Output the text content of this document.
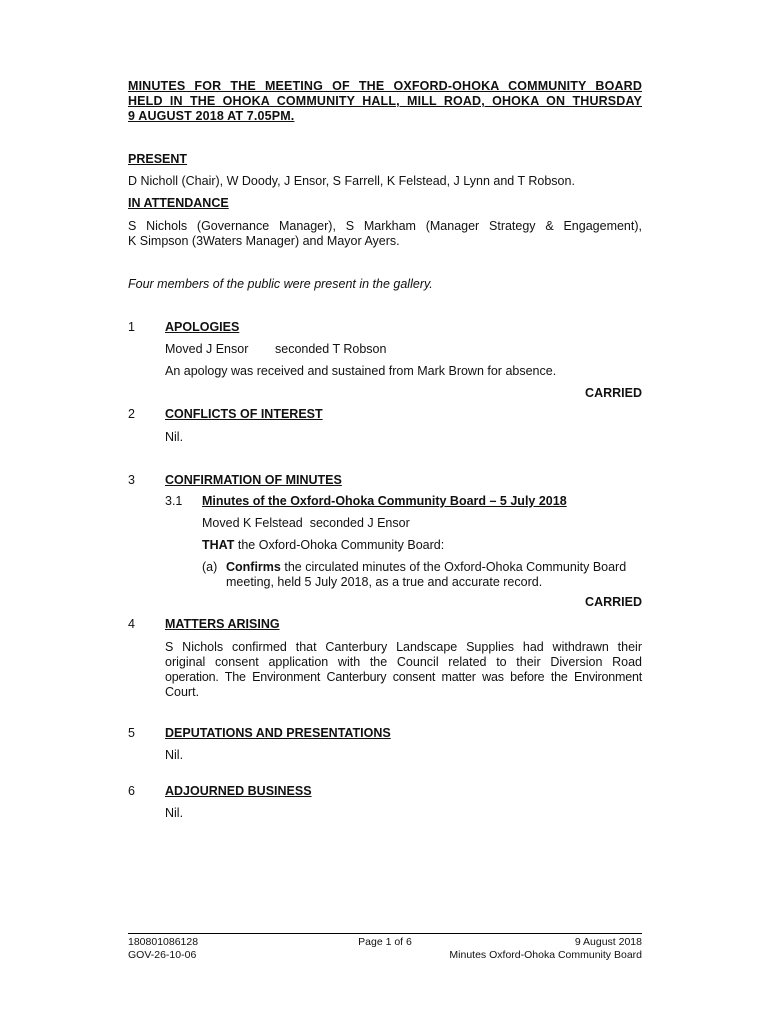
MINUTES FOR THE MEETING OF THE OXFORD-OHOKA COMMUNITY BOARD
HELD IN THE OHOKA COMMUNITY HALL, MILL ROAD, OHOKA ON THURSDAY
9 AUGUST 2018 AT 7.05PM.
PRESENT
D Nicholl (Chair), W Doody, J Ensor, S Farrell, K Felstead, J Lynn and T Robson.
IN ATTENDANCE
S Nichols (Governance Manager), S Markham (Manager Strategy & Engagement),
K Simpson (3Waters Manager) and Mayor Ayers.
Four members of the public were present in the gallery.
1 APOLOGIES
Moved J Ensor seconded T Robson
An apology was received and sustained from Mark Brown for absence.
CARRIED
2 CONFLICTS OF INTEREST
Nil.
3 CONFIRMATION OF MINUTES
3.1 Minutes of the Oxford-Ohoka Community Board – 5 July 2018
Moved K Felstead  seconded J Ensor
THAT the Oxford-Ohoka Community Board:
(a) Confirms the circulated minutes of the Oxford-Ohoka Community Board
meeting, held 5 July 2018, as a true and accurate record.
CARRIED
4 MATTERS ARISING
S Nichols confirmed that Canterbury Landscape Supplies had withdrawn their
original consent application with the Council related to their Diversion Road
operation. The Environment Canterbury consent matter was before the Environment
Court.
5 DEPUTATIONS AND PRESENTATIONS
Nil.
6 ADJOURNED BUSINESS
Nil.
180801086128
GOV-26-10-06
Page 1 of 6	9 August 2018
Minutes Oxford-Ohoka Community Board
